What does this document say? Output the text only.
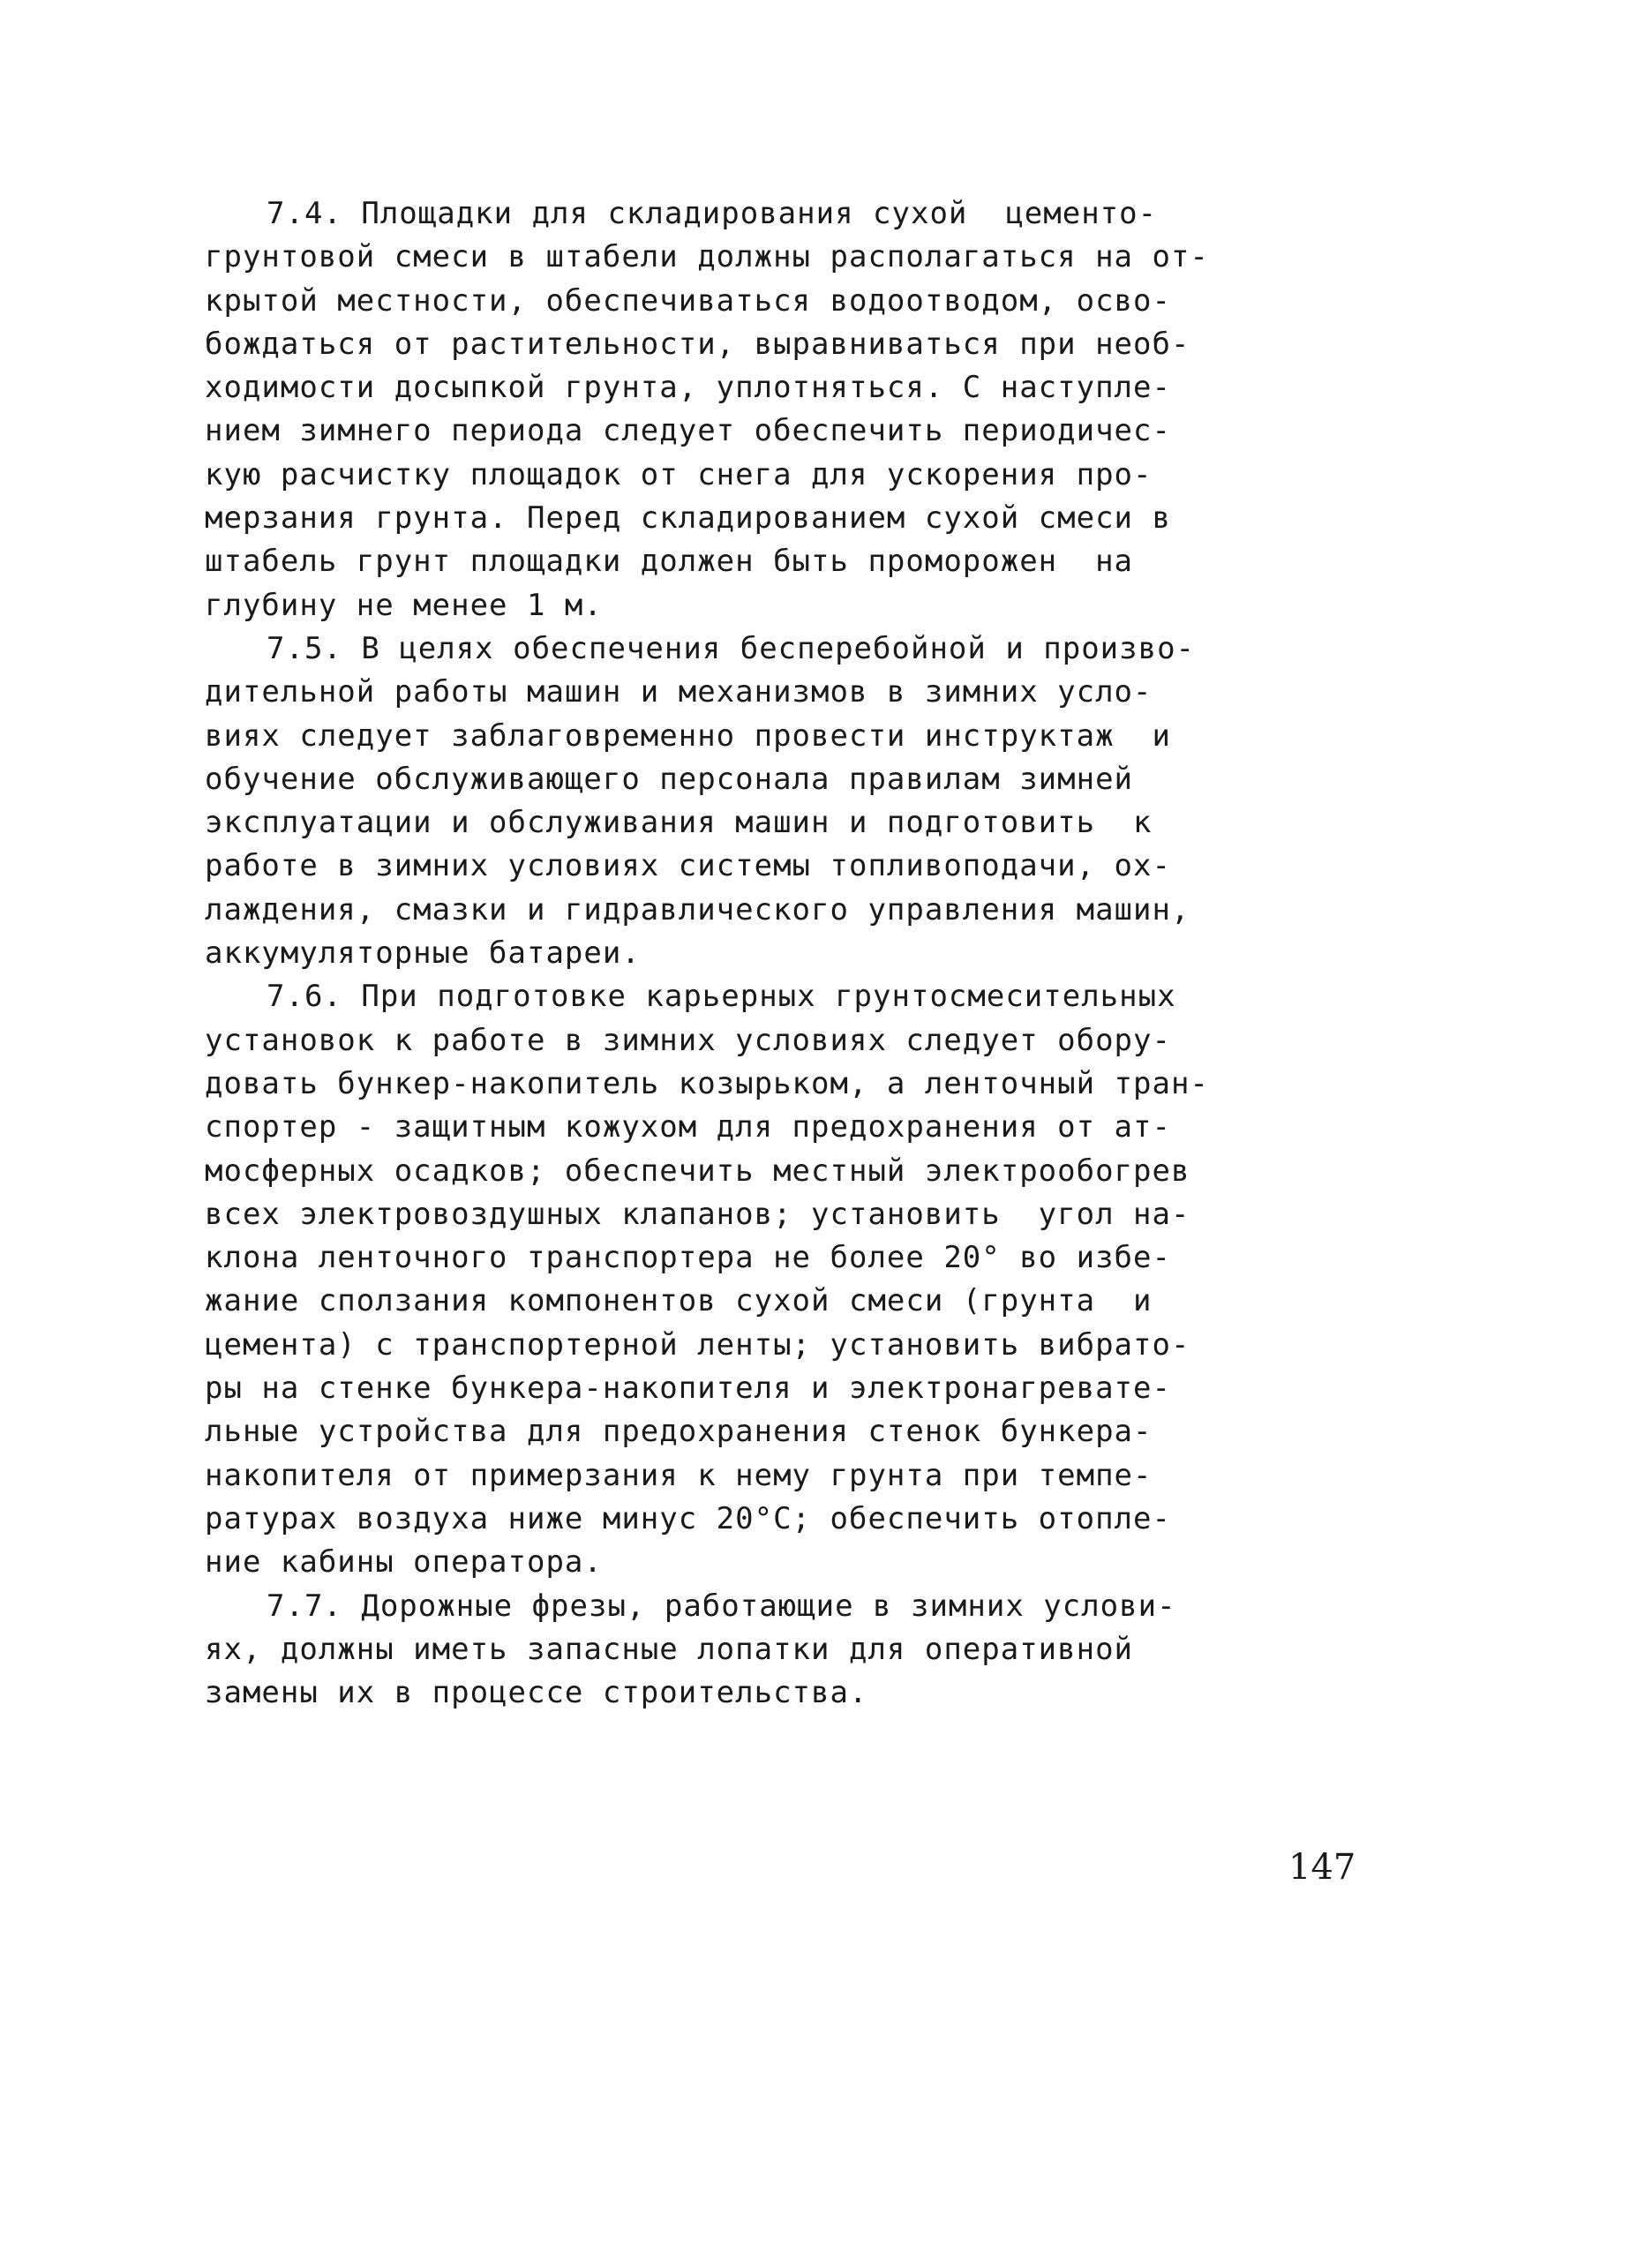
7.4. Площадки для складирования сухой  цементо-
грунтовой смеси в штабели должны располагаться на от-
крытой местности, обеспечиваться водоотводом, осво-
бождаться от растительности, выравниваться при необ-
ходимости досыпкой грунта, уплотняться. С наступле-
нием зимнего периода следует обеспечить периодичес-
кую расчистку площадок от снега для ускорения про-
мерзания грунта. Перед складированием сухой смеси в
штабель грунт площадки должен быть проморожен  на
глубину не менее 1 м.
7.5. В целях обеспечения бесперебойной и произво-
дительной работы машин и механизмов в зимних усло-
виях следует заблаговременно провести инструктаж  и
обучение обслуживающего персонала правилам зимней
эксплуатации и обслуживания машин и подготовить  к
работе в зимних условиях системы топливоподачи, ох-
лаждения, смазки и гидравлического управления машин,
аккумуляторные батареи.
7.6. При подготовке карьерных грунтосмесительных
установок к работе в зимних условиях следует обору-
довать бункер-накопитель козырьком, а ленточный тран-
спортер - защитным кожухом для предохранения от ат-
мосферных осадков; обеспечить местный электрообогрев
всех электровоздушных клапанов; установить  угол на-
клона ленточного транспортера не более 20° во избе-
жание сползания компонентов сухой смеси (грунта  и
цемента) с транспортерной ленты; установить вибрато-
ры на стенке бункера-накопителя и электронагревате-
льные устройства для предохранения стенок бункера-
накопителя от примерзания к нему грунта при темпе-
ратурах воздуха ниже минус 20°С; обеспечить отопле-
ние кабины оператора.
7.7. Дорожные фрезы, работающие в зимних услови-
ях, должны иметь запасные лопатки для оперативной
замены их в процессе строительства.
147
